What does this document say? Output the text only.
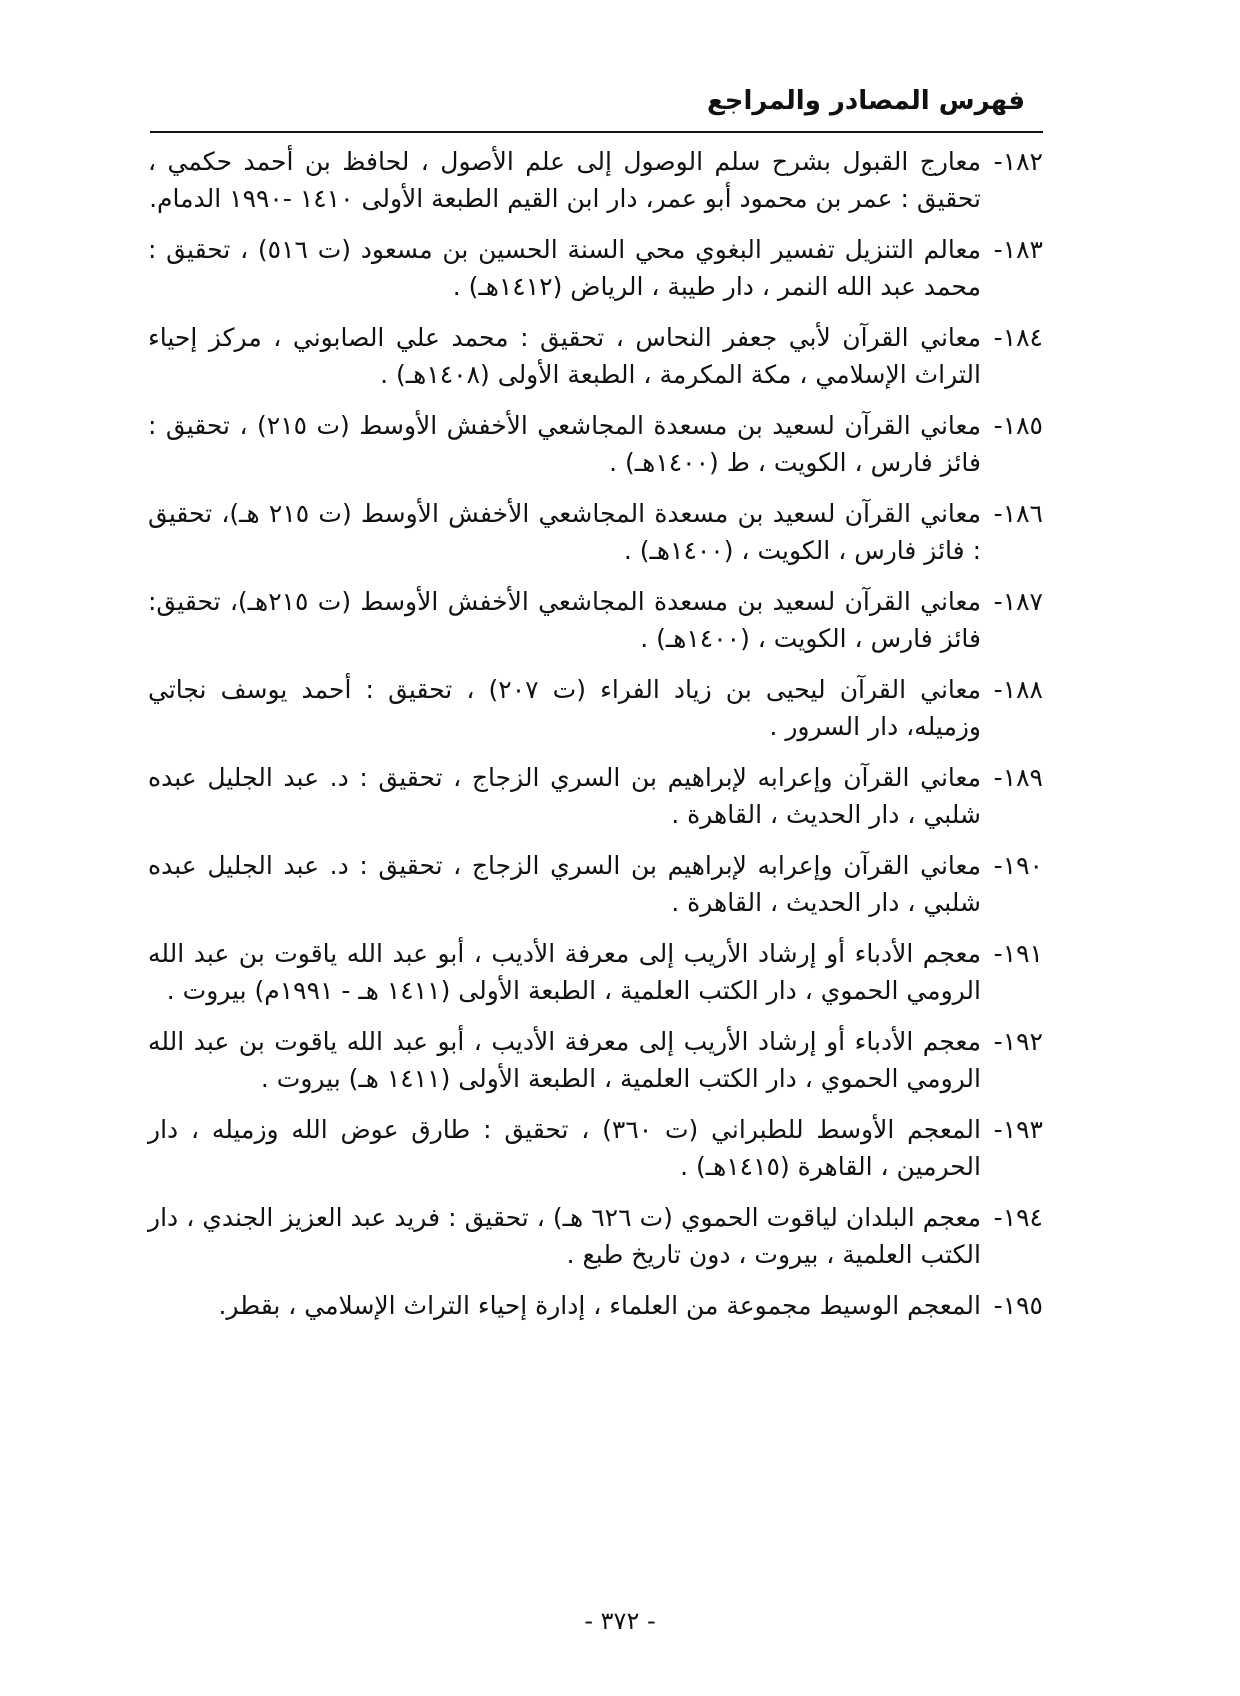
فهرس المصادر والمراجع
١٨٢-
معارج القبول بشرح سلم الوصول إلى علم الأصول ، لحافظ بن أحمد حكمي ، تحقيق : عمر بن محمود أبو عمر، دار ابن القيم الطبعة الأولى ١٤١٠ -١٩٩٠ الدمام.
١٨٣-
معالم التنزيل تفسير البغوي محي السنة الحسين بن مسعود (ت ٥١٦) ، تحقيق : محمد عبد الله النمر ، دار طيبة ، الرياض (١٤١٢هـ) .
١٨٤-
معاني القرآن لأبي جعفر النحاس ، تحقيق : محمد علي الصابوني ، مركز إحياء التراث الإسلامي ، مكة المكرمة ، الطبعة الأولى (١٤٠٨هـ) .
١٨٥-
معاني القرآن لسعيد بن مسعدة المجاشعي الأخفش الأوسط (ت ٢١٥) ، تحقيق : فائز فارس ، الكويت ، ط (١٤٠٠هـ) .
١٨٦-
معاني القرآن لسعيد بن مسعدة المجاشعي الأخفش الأوسط (ت ٢١٥ هـ)، تحقيق : فائز فارس ، الكويت ، (١٤٠٠هـ) .
١٨٧-
معاني القرآن لسعيد بن مسعدة المجاشعي الأخفش الأوسط (ت ٢١٥هـ)، تحقيق: فائز فارس ، الكويت ، (١٤٠٠هـ) .
١٨٨-
معاني القرآن ليحيى بن زياد الفراء (ت ٢٠٧) ، تحقيق : أحمد يوسف نجاتي وزميله، دار السرور .
١٨٩-
معاني القرآن وإعرابه لإبراهيم بن السري الزجاج ، تحقيق : د. عبد الجليل عبده شلبي ، دار الحديث ، القاهرة .
١٩٠-
معاني القرآن وإعرابه لإبراهيم بن السري الزجاج ، تحقيق : د. عبد الجليل عبده شلبي ، دار الحديث ، القاهرة .
١٩١-
معجم الأدباء أو إرشاد الأريب إلى معرفة الأديب ، أبو عبد الله ياقوت بن عبد الله الرومي الحموي ، دار الكتب العلمية ، الطبعة الأولى (١٤١١ هـ - ١٩٩١م) بيروت .
١٩٢-
معجم الأدباء أو إرشاد الأريب إلى معرفة الأديب ، أبو عبد الله ياقوت بن عبد الله الرومي الحموي ، دار الكتب العلمية ، الطبعة الأولى (١٤١١ هـ) بيروت .
١٩٣-
المعجم الأوسط للطبراني (ت ٣٦٠) ، تحقيق : طارق عوض الله وزميله ، دار الحرمين ، القاهرة (١٤١٥هـ) .
١٩٤-
معجم البلدان لياقوت الحموي (ت ٦٢٦ هـ) ، تحقيق : فريد عبد العزيز الجندي ، دار الكتب العلمية ، بيروت ، دون تاريخ طبع .
١٩٥-
المعجم الوسيط مجموعة من العلماء ، إدارة إحياء التراث الإسلامي ، بقطر.
- ٣٧٢ -
